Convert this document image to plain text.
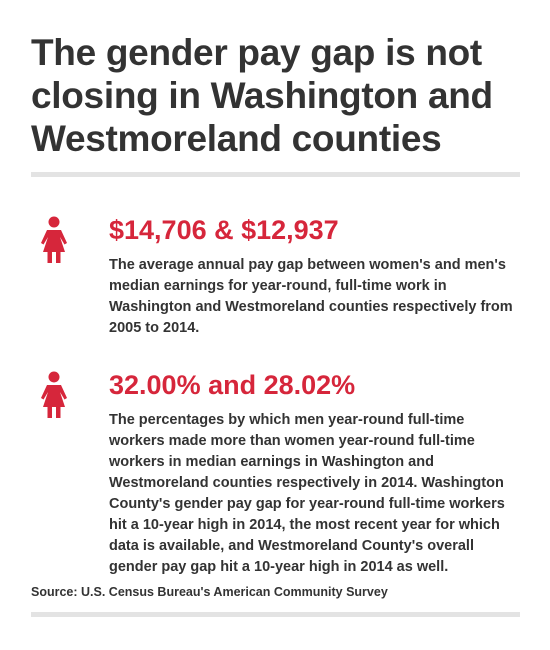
The gender pay gap is not closing in Washington and Westmoreland counties

$14,706 & $12,937

The average annual pay gap between women's and men's median earnings for year-round, full-time work in Washington and Westmoreland counties respectively from 2005 to 2014.

32.00% and 28.02%

The percentages by which men year-round full-time workers made more than women year-round full-time workers in median earnings in Washington and Westmoreland counties respectively in 2014. Washington County's gender pay gap for year-round full-time workers hit a 10-year high in 2014, the most recent year for which data is available, and Westmoreland County's overall gender pay gap hit a 10-year high in 2014 as well.

Source: U.S. Census Bureau's American Community Survey
